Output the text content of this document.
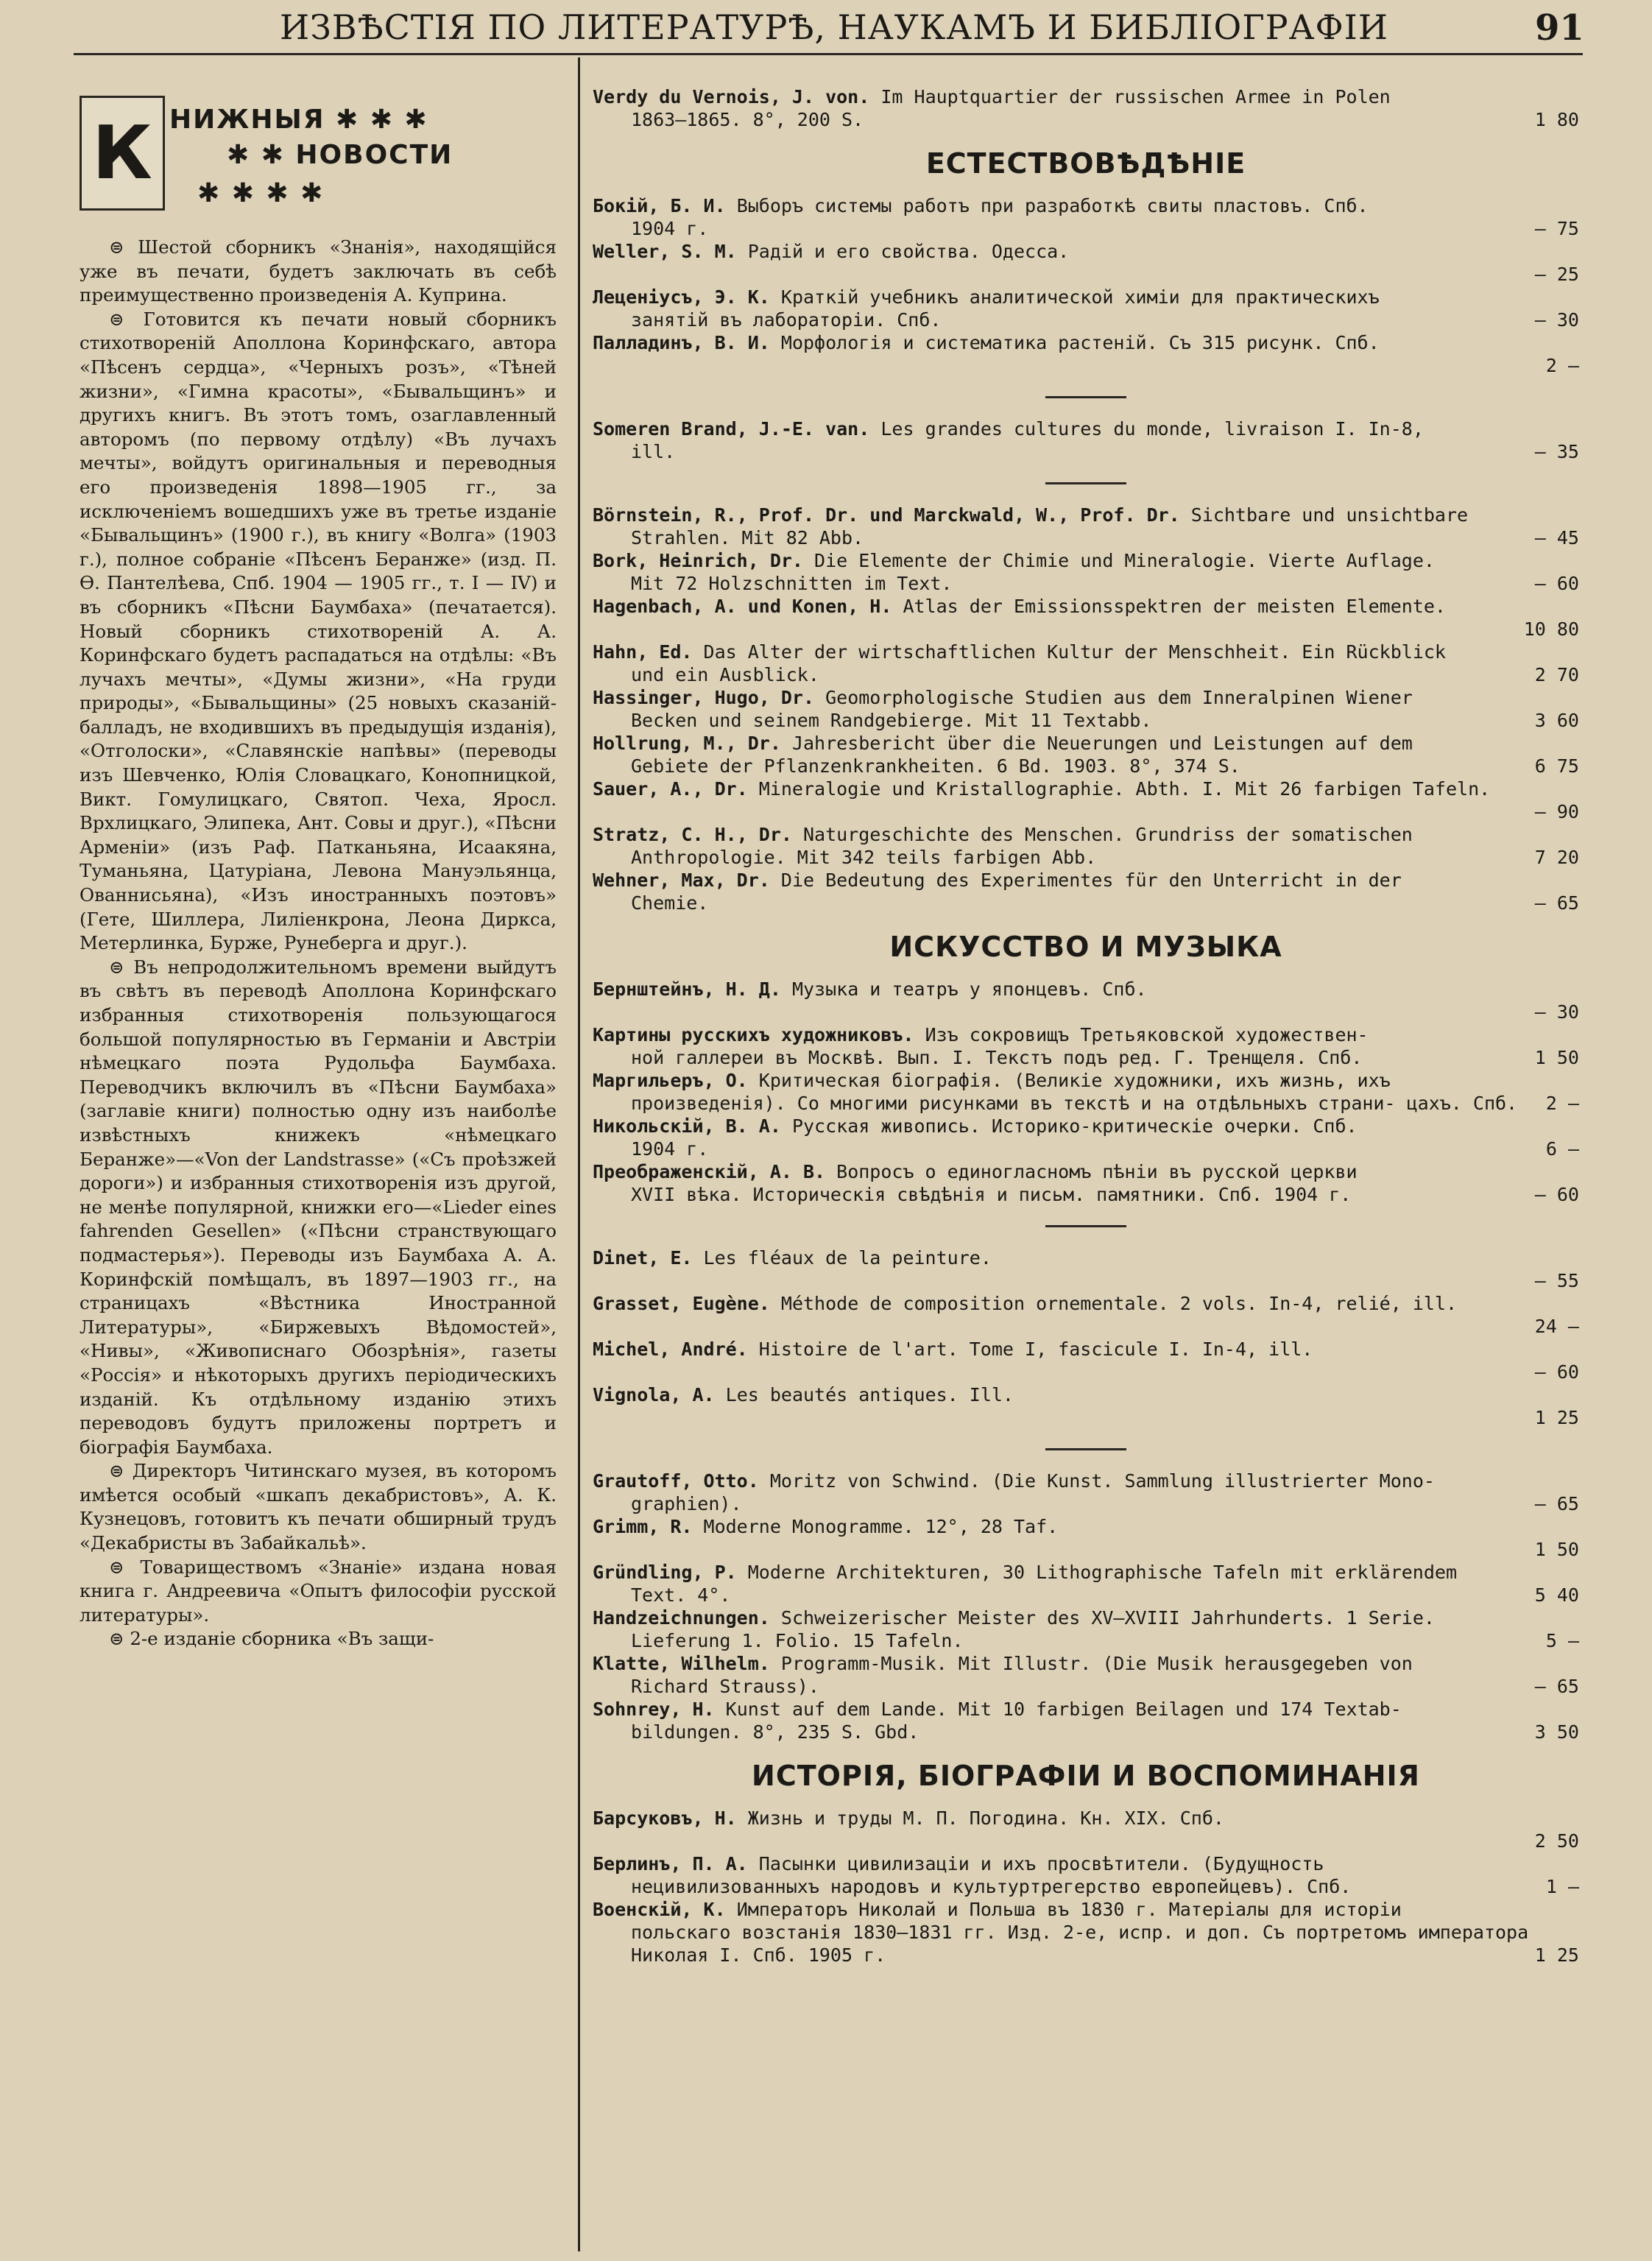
ИЗВѢСТІЯ ПО ЛИТЕРАТУРѢ, НАУКАМЪ И БИБЛІОГРАФІИ	91
К НИЖНЫЯ ✱ ✱ ✱
✱ ✱ НОВОСТИ
✱ ✱ ✱ ✱

⊜ Шестой сборникъ «Знанія», находящійся уже въ печати, будетъ заключать въ себѣ преимущественно произведенія А. Куприна.

⊜ Готовится къ печати новый сборникъ стихотвореній Аполлона Коринфскаго, автора «Пѣсенъ сердца», «Черныхъ розъ», «Тѣней жизни», «Гимна красоты», «Бывальщинъ» и другихъ книгъ. Въ этотъ томъ, озаглавленный авторомъ (по первому отдѣлу) «Въ лучахъ мечты», войдутъ оригинальныя и переводныя его произведенія 1898—1905 гг., за исключеніемъ вошедшихъ уже въ третье изданіе «Бывальщинъ» (1900 г.), въ книгу «Волга» (1903 г.), полное собраніе «Пѣсенъ Беранже» (изд. П. Ѳ. Пантелѣева, Спб. 1904 — 1905 гг., т. I — IV) и въ сборникъ «Пѣсни Баумбаха» (печатается). Новый сборникъ стихотвореній А. А. Коринфскаго будетъ распадаться на отдѣлы: «Въ лучахъ мечты», «Думы жизни», «На груди природы», «Бывальщины» (25 новыхъ сказаній-балладъ, не входившихъ въ предыдущія изданія), «Отголоски», «Славянскіе напѣвы» (переводы изъ Шевченко, Юлія Словацкаго, Конопницкой, Викт. Гомулицкаго, Святоп. Чеха, Яросл. Врхлицкаго, Элипека, Ант. Совы и друг.), «Пѣсни Арменіи» (изъ Раф. Патканьяна, Исаакяна, Туманьяна, Цатуріана, Левона Мануэльянца, Ованнисьяна), «Изъ иностранныхъ поэтовъ» (Гете, Шиллера, Лиліенкрона, Леона Диркса, Метерлинка, Бурже, Рунеберга и друг.).

⊜ Въ непродолжительномъ времени выйдутъ въ свѣтъ въ переводѣ Аполлона Коринфскаго избранныя стихотворенія пользующагося большой популярностью въ Германіи и Австріи нѣмецкаго поэта Рудольфа Баумбаха. Переводчикъ включилъ въ «Пѣсни Баумбаха» (заглавіе книги) полностью одну изъ наиболѣе извѣстныхъ книжекъ «нѣмецкаго Беранже»—«Von der Landstrasse» («Съ проѣзжей дороги») и избранныя стихотворенія изъ другой, не менѣе популярной, книжки его—«Lieder eines fahrenden Gesellen» («Пѣсни странствующаго подмастерья»). Переводы изъ Баумбаха А. А. Коринфскій помѣщалъ, въ 1897—1903 гг., на страницахъ «Вѣстника Иностранной Литературы», «Биржевыхъ Вѣдомостей», «Нивы», «Живописнаго Обозрѣнія», газеты «Россія» и нѣкоторыхъ другихъ періодическихъ изданій. Къ отдѣльному изданію этихъ переводовъ будутъ приложены портретъ и біографія Баумбаха.

⊜ Директоръ Читинскаго музея, въ которомъ имѣется особый «шкапъ декабристовъ», А. К. Кузнецовъ, готовитъ къ печати обширный трудъ «Декабристы въ Забайкальѣ».

⊜ Товариществомъ «Знаніе» издана новая книга г. Андреевича «Опытъ философіи русской литературы».

⊜ 2-е изданіе сборника «Въ защи-

Verdy du Vernois, J. von. Im Hauptquartier der russischen Armee in Polen
1863—1865. 8°, 200 S.	1 80
ЕСТЕСТВОВѢДѢНІЕ
Бокій, Б. И. Выборъ системы работъ при разработкѣ свиты пластовъ. Спб.
1904 г.	— 75
Weller, S. M. Радій и его свойства. Одесса.
— 25
Леценіусъ, Э. К. Краткій учебникъ аналитической химіи для практическихъ
занятій въ лабораторіи. Спб.	— 30
Палладинъ, В. И. Морфологія и систематика растеній. Съ 315 рисунк. Спб.
2 —
Someren Brand, J.-E. van. Les grandes cultures du monde, livraison I. In-8,
ill.	— 35
Börnstein, R., Prof. Dr. und Marckwald, W., Prof. Dr. Sichtbare und unsichtbare
Strahlen. Mit 82 Abb.	— 45
Bork, Heinrich, Dr. Die Elemente der Chimie und Mineralogie. Vierte Auflage.
Mit 72 Holzschnitten im Text.	— 60
Hagenbach, A. und Konen, H. Atlas der Emissionsspektren der meisten Elemente.
10 80
Hahn, Ed. Das Alter der wirtschaftlichen Kultur der Menschheit. Ein Rückblick
und ein Ausblick.	2 70
Hassinger, Hugo, Dr. Geomorphologische Studien aus dem Inneralpinen Wiener
Becken und seinem Randgebierge. Mit 11 Textabb.	3 60
Hollrung, M., Dr. Jahresbericht über die Neuerungen und Leistungen auf dem
Gebiete der Pflanzenkrankheiten. 6 Bd. 1903. 8°, 374 S.	6 75
Sauer, A., Dr. Mineralogie und Kristallographie. Abth. I. Mit 26 farbigen Tafeln.
— 90
Stratz, C. H., Dr. Naturgeschichte des Menschen. Grundriss der somatischen
Anthropologie. Mit 342 teils farbigen Abb.	7 20
Wehner, Max, Dr. Die Bedeutung des Experimentes für den Unterricht in der
Chemie.	— 65
ИСКУССТВО И МУЗЫКА
Бернштейнъ, Н. Д. Музыка и театръ у японцевъ. Спб.
— 30
Картины русскихъ художниковъ. Изъ сокровищъ Третьяковской художествен-
ной галлереи въ Москвѣ. Вып. I. Текстъ подъ ред. Г. Тренщеля. Спб.	1 50
Маргильеръ, О. Критическая біографія. (Великіе художники, ихъ жизнь, ихъ
произведенія). Со многими рисунками въ текстѣ и на отдѣльныхъ страни- цахъ. Спб.	2 —
Никольскій, В. А. Русская живопись. Историко-критическіе очерки. Спб.
1904 г.	6 —
Преображенскій, А. В. Вопросъ о единогласномъ пѣніи въ русской церкви
XVII вѣка. Историческія свѣдѣнія и письм. памятники. Спб. 1904 г.	— 60
Dinet, E. Les fléaux de la peinture.
— 55
Grasset, Eugène. Méthode de composition ornementale. 2 vols. In-4, relié, ill.
24 —
Michel, André. Histoire de l'art. Tome I, fascicule I. In-4, ill.
— 60
Vignola, A. Les beautés antiques. Ill.
1 25
Grautoff, Otto. Moritz von Schwind. (Die Kunst. Sammlung illustrierter Mono-
graphien).	— 65
Grimm, R. Moderne Monogramme. 12°, 28 Taf.
1 50
Gründling, P. Moderne Architekturen, 30 Lithographische Tafeln mit erklärendem
Text. 4°.	5 40
Handzeichnungen. Schweizerischer Meister des XV—XVIII Jahrhunderts. 1 Serie.
Lieferung 1. Folio. 15 Tafeln.	5 —
Klatte, Wilhelm. Programm-Musik. Mit Illustr. (Die Musik herausgegeben von
Richard Strauss).	— 65
Sohnrey, H. Kunst auf dem Lande. Mit 10 farbigen Beilagen und 174 Textab-
bildungen. 8°, 235 S. Gbd.	3 50
ИСТОРІЯ, БІОГРАФІИ И ВОСПОМИНАНІЯ
Барсуковъ, Н. Жизнь и труды М. П. Погодина. Кн. XIX. Спб.
2 50
Берлинъ, П. А. Пасынки цивилизаціи и ихъ просвѣтители. (Будущность
нецивилизованныхъ народовъ и культуртрегерство европейцевъ). Спб.	1 —
Военскій, К. Императоръ Николай и Польша въ 1830 г. Матеріалы для исторіи
польскаго возстанія 1830—1831 гг. Изд. 2-е, испр. и доп. Съ портретомъ императора Николая I. Спб. 1905 г.	1 25
